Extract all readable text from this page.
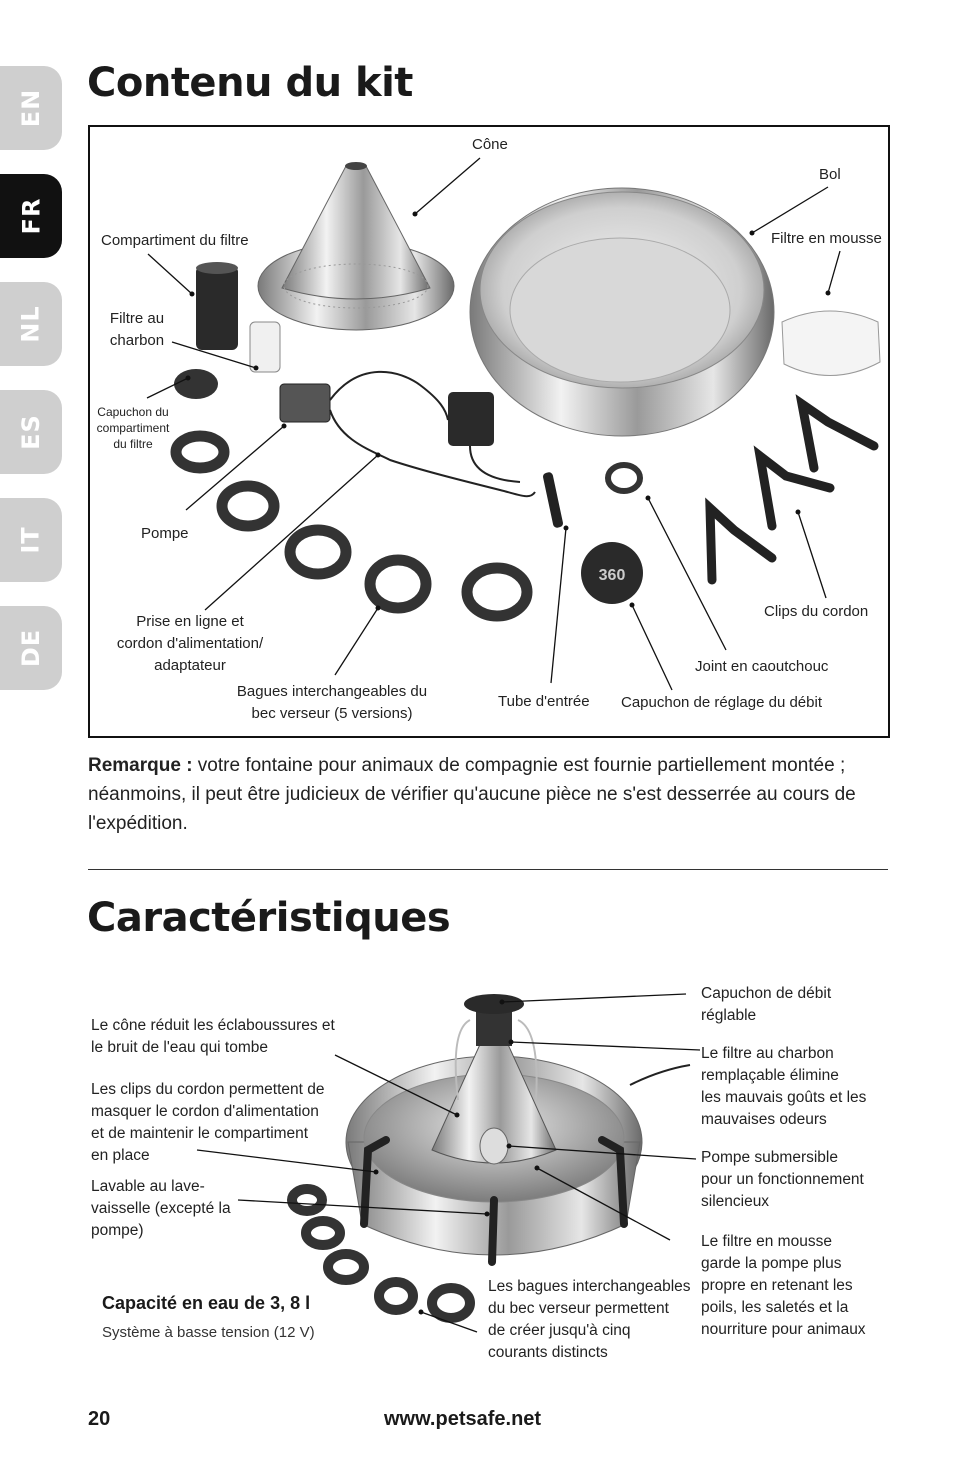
EN
FR
NL
ES
IT
DE
Contenu du kit
360
Cône
Bol
Filtre en mousse
Compartiment du filtre
Filtre au
charbon
Capuchon du
compartiment
du filtre
Pompe
Prise en ligne et
cordon d'alimentation/
adaptateur
Bagues interchangeables du
bec verseur (5 versions)
Tube d'entrée Capuchon de réglage du débit
Joint en caoutchouc
Clips du cordon
Remarque : votre fontaine pour animaux de compagnie est fournie partiellement montée ; néanmoins, il peut être judicieux de vérifier qu'aucune pièce ne s'est desserrée au cours de l'expédition.
Caractéristiques
Le cône réduit les éclaboussures et
le bruit de l'eau qui tombe
Les clips du cordon permettent de
masquer le cordon d'alimentation
et de maintenir le compartiment
en place
Lavable au lave-
vaisselle (excepté la
pompe)
Capuchon de débit
réglable
Le filtre au charbon
remplaçable élimine
les mauvais goûts et les
mauvaises odeurs
Pompe submersible
pour un fonctionnement
silencieux
Le filtre en mousse
garde la pompe plus
propre en retenant les
poils, les saletés et la
nourriture pour animaux
Les bagues interchangeables
du bec verseur permettent
de créer jusqu'à cinq
courants distincts
Capacité en eau de 3, 8 l
Système à basse tension (12 V)
20	www.petsafe.net
